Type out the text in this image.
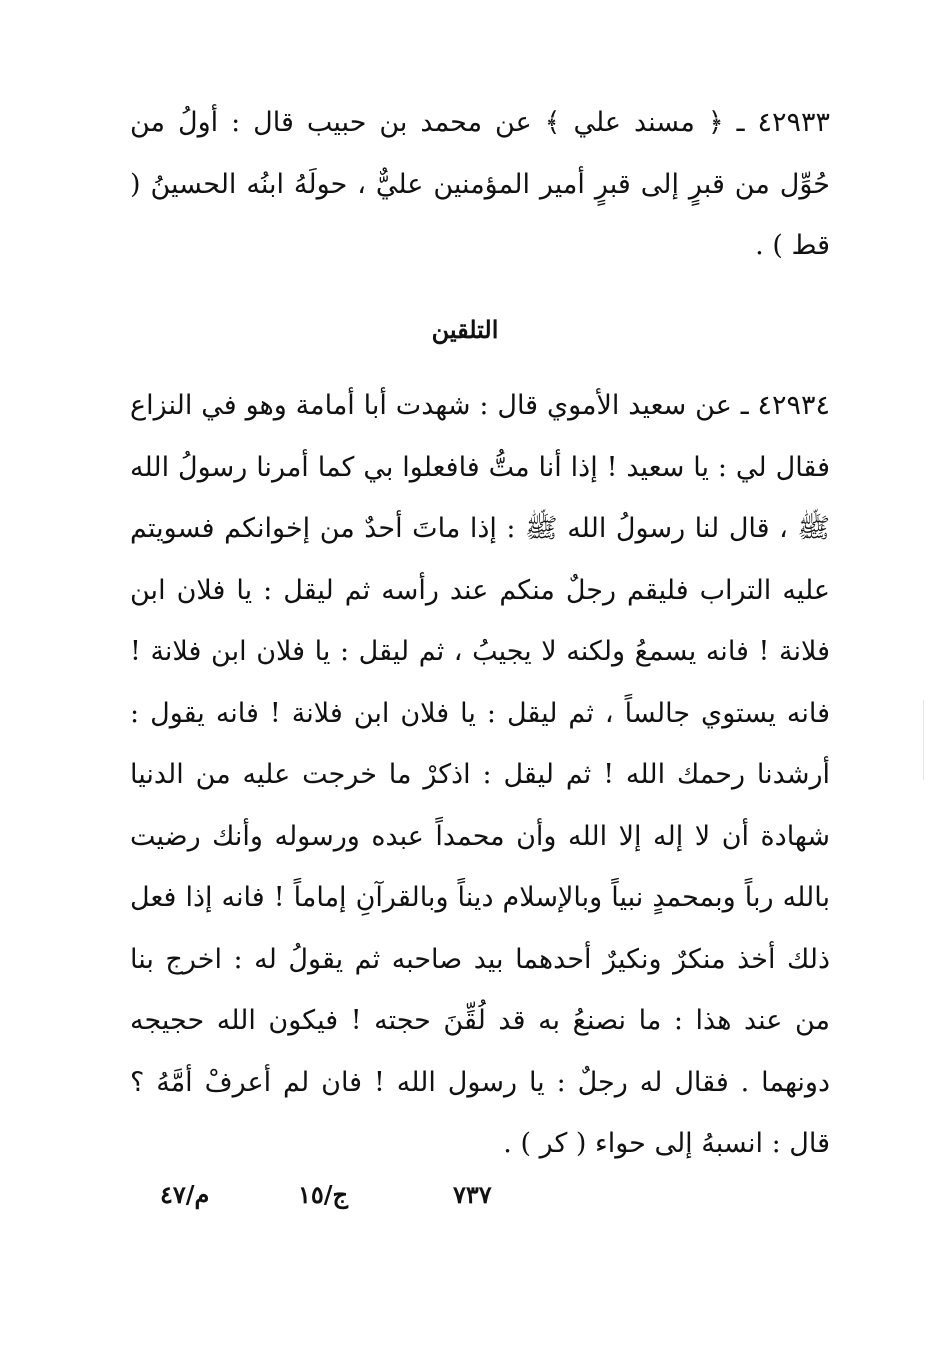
٤٢٩٣٣ ـ ﴿ مسند علي ﴾ عن محمد بن حبيب قال : أولُ من حُوِّل من قبرٍ إلى قبرٍ أمير المؤمنين عليٌّ ، حولَهُ ابنُه الحسينُ ( قط ) .
التلقين
٤٢٩٣٤ ـ عن سعيد الأموي قال : شهدت أبا أمامة وهو في النزاع فقال لي : يا سعيد ! إذا أنا متُّ فافعلوا بي كما أمرنا رسولُ الله ﷺ ، قال لنا رسولُ الله ﷺ : إذا ماتَ أحدٌ من إخوانكم فسويتم عليه التراب فليقم رجلٌ منكم عند رأسه ثم ليقل : يا فلان ابن فلانة ! فانه يسمعُ ولكنه لا يجيبُ ، ثم ليقل : يا فلان ابن فلانة ! فانه يستوي جالساً ، ثم ليقل : يا فلان ابن فلانة ! فانه يقول : أرشدنا رحمك الله ! ثم ليقل : اذكرْ ما خرجت عليه من الدنيا شهادة أن لا إله إلا الله وأن محمداً عبده ورسوله وأنك رضيت بالله رباً وبمحمدٍ نبياً وبالإسلام ديناً وبالقرآنِ إماماً ! فانه إذا فعل ذلك أخذ منكرٌ ونكيرٌ أحدهما بيد صاحبه ثم يقولُ له : اخرج بنا من عند هذا : ما نصنعُ به قد لُقِّنَ حجته ! فيكون الله حجيجه دونهما . فقال له رجلٌ : يا رسول الله ! فان لم أعرفْ أمَّهُ ؟ قال : انسبهُ إلى حواء ( كر ) .
م/٤٧	ج/١٥	٧٣٧
